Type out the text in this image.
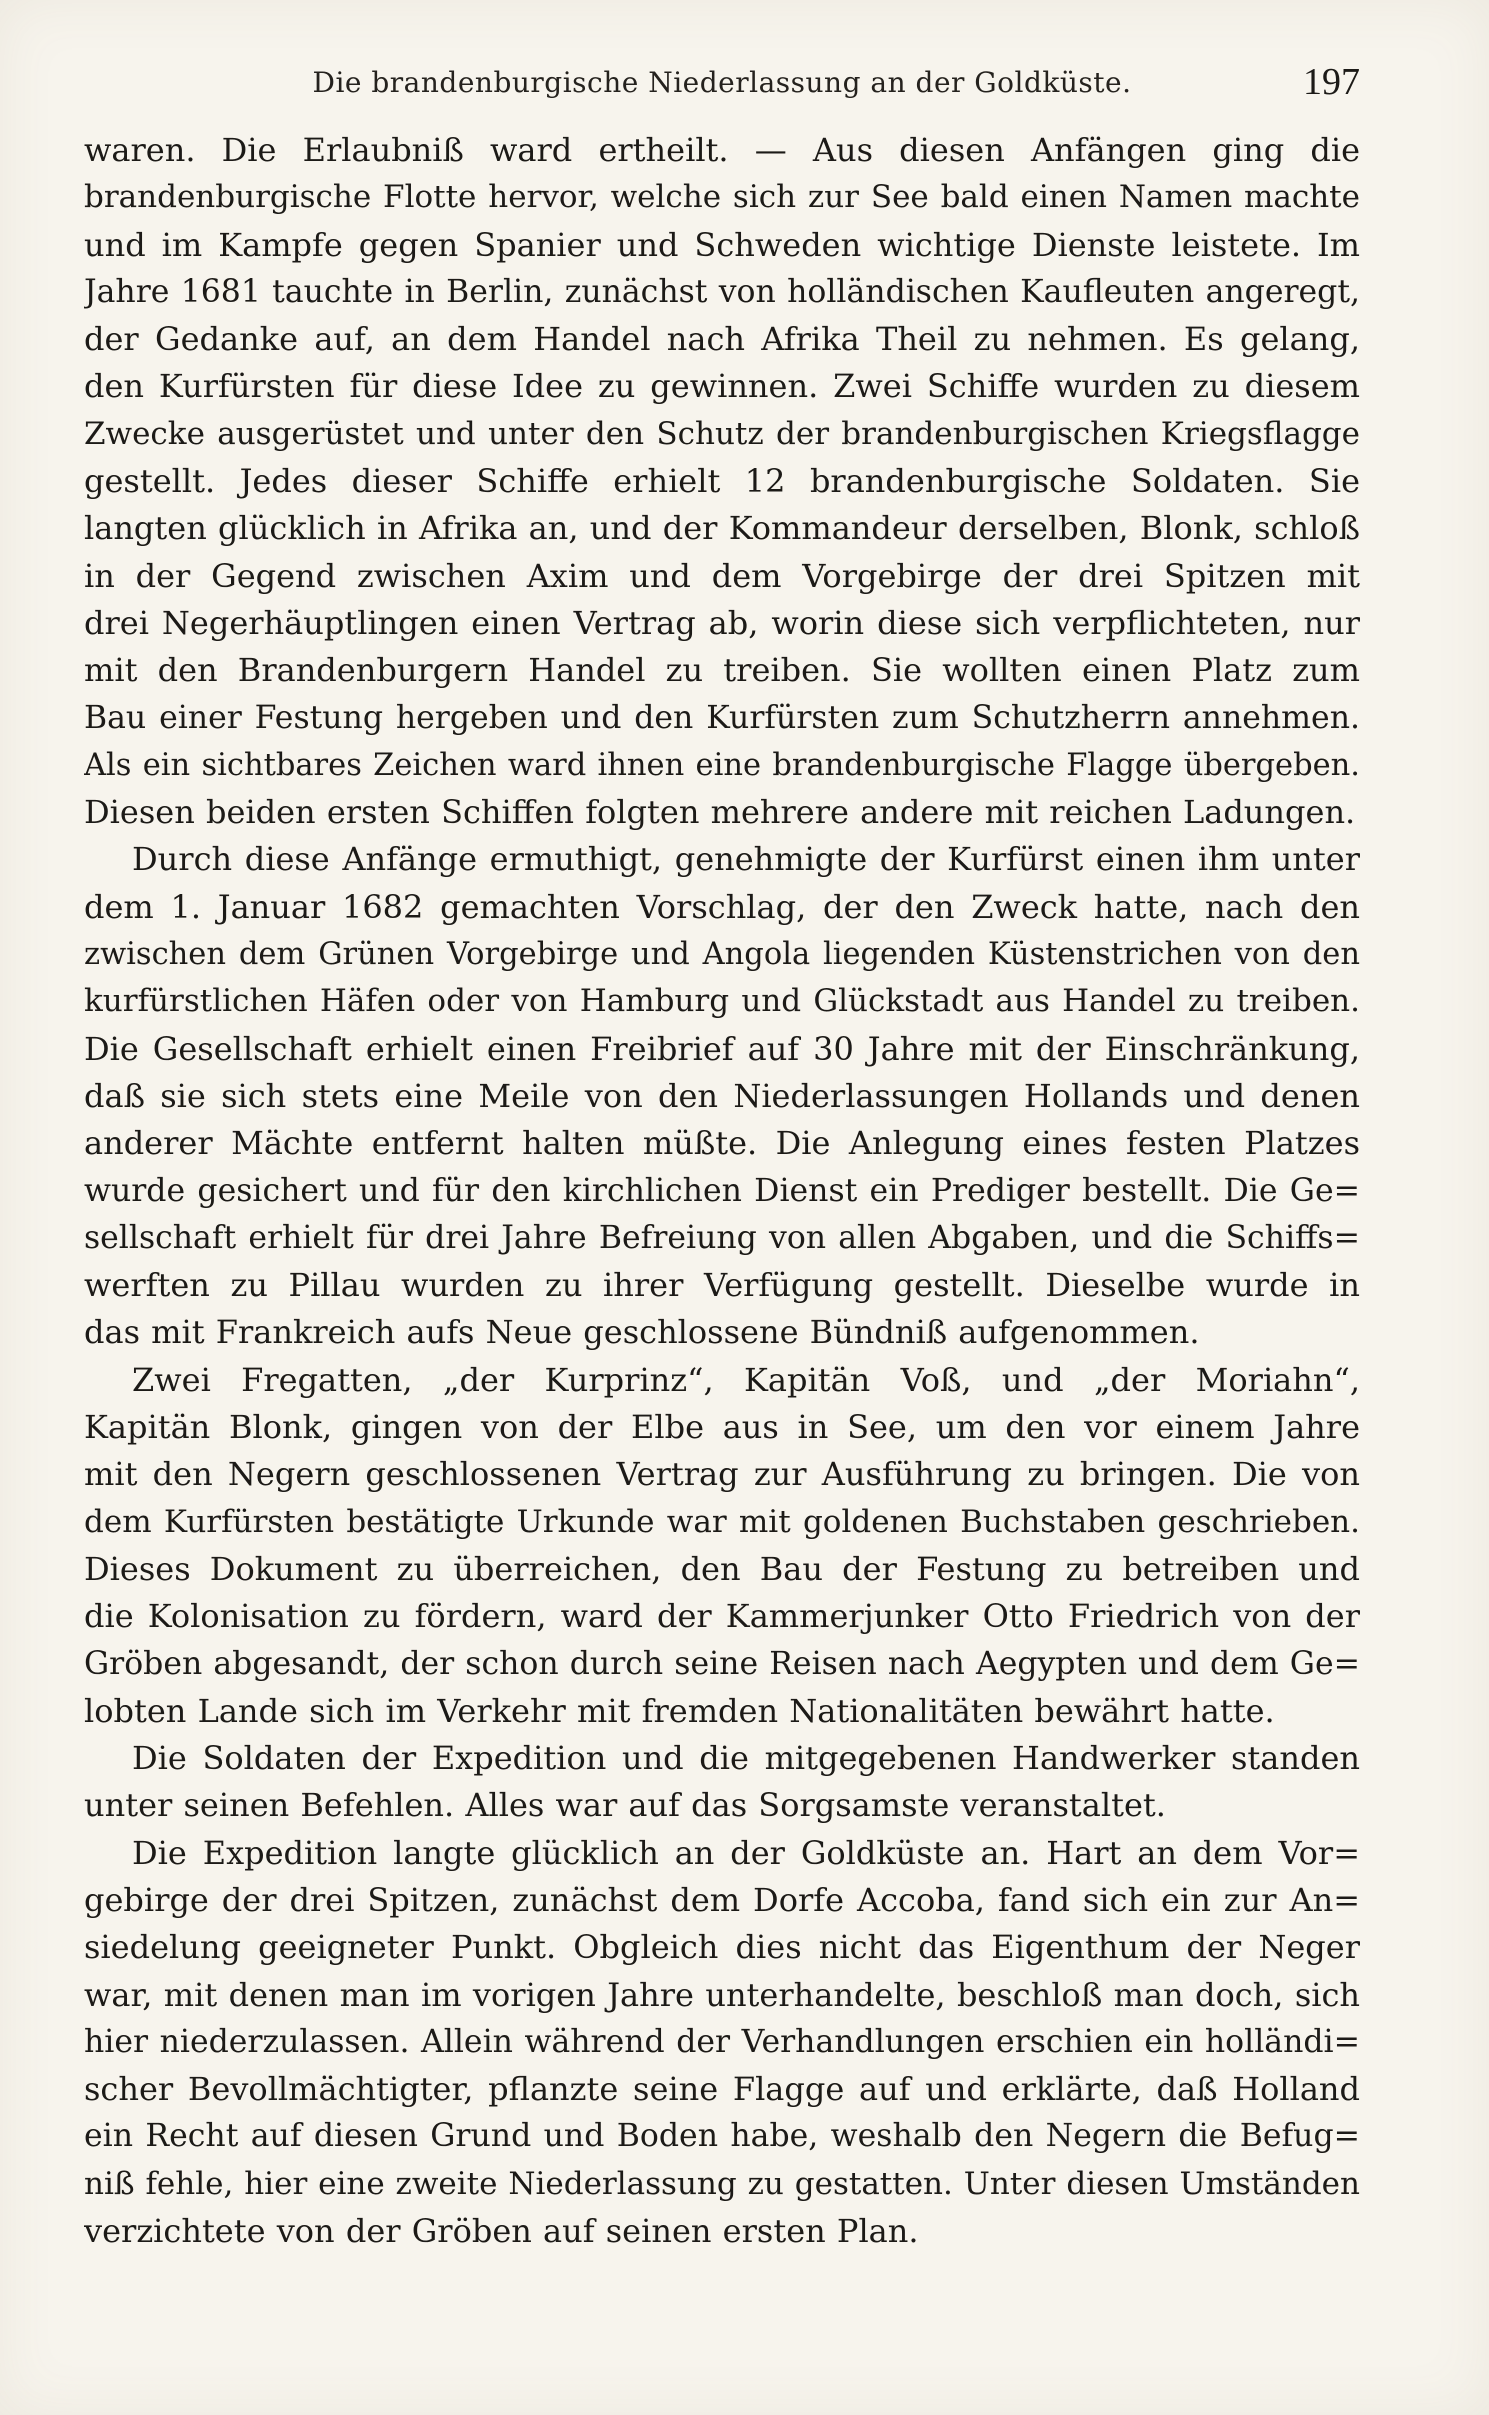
Die brandenburgische Niederlassung an der Goldküste.	197
waren. Die Erlaubniß ward ertheilt. — Aus diesen Anfängen ging die
brandenburgische Flotte hervor, welche sich zur See bald einen Namen machte
und im Kampfe gegen Spanier und Schweden wichtige Dienste leistete. Im
Jahre 1681 tauchte in Berlin, zunächst von holländischen Kaufleuten angeregt,
der Gedanke auf, an dem Handel nach Afrika Theil zu nehmen. Es gelang,
den Kurfürsten für diese Idee zu gewinnen. Zwei Schiffe wurden zu diesem
Zwecke ausgerüstet und unter den Schutz der brandenburgischen Kriegsflagge
gestellt. Jedes dieser Schiffe erhielt 12 brandenburgische Soldaten. Sie
langten glücklich in Afrika an, und der Kommandeur derselben, Blonk, schloß
in der Gegend zwischen Axim und dem Vorgebirge der drei Spitzen mit
drei Negerhäuptlingen einen Vertrag ab, worin diese sich verpflichteten, nur
mit den Brandenburgern Handel zu treiben. Sie wollten einen Platz zum
Bau einer Festung hergeben und den Kurfürsten zum Schutzherrn annehmen.
Als ein sichtbares Zeichen ward ihnen eine brandenburgische Flagge übergeben.
Diesen beiden ersten Schiffen folgten mehrere andere mit reichen Ladungen.
Durch diese Anfänge ermuthigt, genehmigte der Kurfürst einen ihm unter
dem 1. Januar 1682 gemachten Vorschlag, der den Zweck hatte, nach den
zwischen dem Grünen Vorgebirge und Angola liegenden Küstenstrichen von den
kurfürstlichen Häfen oder von Hamburg und Glückstadt aus Handel zu treiben.
Die Gesellschaft erhielt einen Freibrief auf 30 Jahre mit der Einschränkung,
daß sie sich stets eine Meile von den Niederlassungen Hollands und denen
anderer Mächte entfernt halten müßte. Die Anlegung eines festen Platzes
wurde gesichert und für den kirchlichen Dienst ein Prediger bestellt. Die Ge=
sellschaft erhielt für drei Jahre Befreiung von allen Abgaben, und die Schiffs=
werften zu Pillau wurden zu ihrer Verfügung gestellt. Dieselbe wurde in
das mit Frankreich aufs Neue geschlossene Bündniß aufgenommen.
Zwei Fregatten, „der Kurprinz“, Kapitän Voß, und „der Moriahn“,
Kapitän Blonk, gingen von der Elbe aus in See, um den vor einem Jahre
mit den Negern geschlossenen Vertrag zur Ausführung zu bringen. Die von
dem Kurfürsten bestätigte Urkunde war mit goldenen Buchstaben geschrieben.
Dieses Dokument zu überreichen, den Bau der Festung zu betreiben und
die Kolonisation zu fördern, ward der Kammerjunker Otto Friedrich von der
Gröben abgesandt, der schon durch seine Reisen nach Aegypten und dem Ge=
lobten Lande sich im Verkehr mit fremden Nationalitäten bewährt hatte.
Die Soldaten der Expedition und die mitgegebenen Handwerker standen
unter seinen Befehlen. Alles war auf das Sorgsamste veranstaltet.
Die Expedition langte glücklich an der Goldküste an. Hart an dem Vor=
gebirge der drei Spitzen, zunächst dem Dorfe Accoba, fand sich ein zur An=
siedelung geeigneter Punkt. Obgleich dies nicht das Eigenthum der Neger
war, mit denen man im vorigen Jahre unterhandelte, beschloß man doch, sich
hier niederzulassen. Allein während der Verhandlungen erschien ein holländi=
scher Bevollmächtigter, pflanzte seine Flagge auf und erklärte, daß Holland
ein Recht auf diesen Grund und Boden habe, weshalb den Negern die Befug=
niß fehle, hier eine zweite Niederlassung zu gestatten. Unter diesen Umständen
verzichtete von der Gröben auf seinen ersten Plan.
